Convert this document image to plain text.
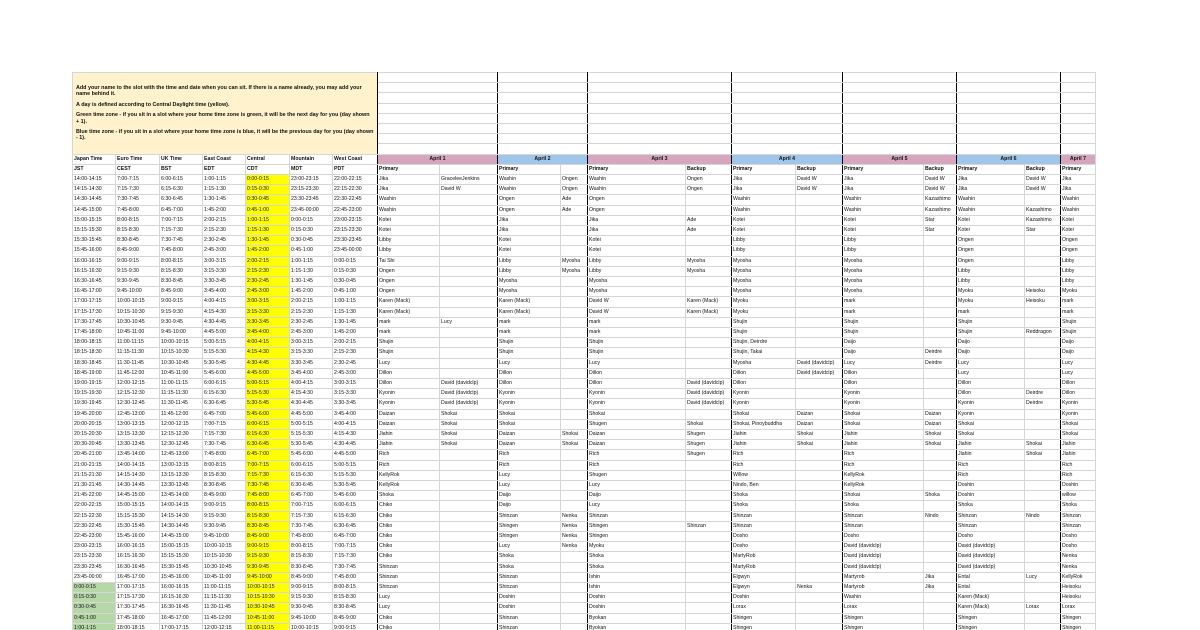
Add your name to the slot with the time and date when you can sit. If there is a name already, you may add your name behind it.

A day is defined according to Central Daylight time (yellow).

Green time zone - if you sit in a slot where your home time zone is green, it will be the next day for you (day shown + 1).

Blue time zone - if you sit in a slot where your home time zone is blue, it will be the previous day for you (day shown - 1).																			

Japan Time	Euro Time	UK Time	East Coast	Central	Mountain	West Coast	April 1		April 2		April 3		April 4		April 5		April 6		April 7

JST	CEST	BST	EDT	CDT	MDT	PDT	Primary		Primary		Primary	Backup	Primary	Backup	Primary	Backup	Primary	Backup	Primary
14:00-14:15	7:00-7:15	6:00-6:15	1:00-1:15	0:00-0:15	23:00-23:15	22:00-22:15	Jika	GraceleeJenkins	Washin	Ongen	Washin	Ongen	Jika	David W	Jika	David W	Jika	David W	Jika
14:15-14:30	7:15-7:30	6:15-6:30	1:15-1:30	0:15-0:30	23:15-23:30	22:15-22:30	Jika	David W	Washin	Ongen	Washin	Ongen	Jika	David W	Jika	David W	Jika	David W	Jika
14:30-14:45	7:30-7:45	6:30-6:45	1:30-1:45	0:30-0:45	23:30-23:45	22:30-22:45	Washin		Ongen	Ade	Ongen		Washin		Washin	Kazashimo	Washin		Washin
14:45-15:00	7:45-8:00	6:45-7:00	1:45-2:00	0:45-1:00	23:45-00:00	22:45-23:00	Washin		Ongen	Ade	Ongen		Washin		Washin	Kazashimo	Washin	Kazashimo	Washin
15:00-15:15	8:00-8:15	7:00-7:15	2:00-2:15	1:00-1:15	0:00-0:15	23:00-23:15	Kotei		Jika		Jika	Ade	Kotei		Kotei	Star	Kotei	Kazashimo	Kotei
15:15-15:30	8:15-8:30	7:15-7:30	2:15-2:30	1:15-1:30	0:15-0:30	23:15-23:30	Kotei		Jika		Jika	Ade	Kotei		Kotei	Star	Kotei	Star	Kotei
15:30-15:45	8:30-8:45	7:30-7:45	2:30-2:45	1:30-1:45	0:30-0:45	23:30-23:45	Libby		Kotei		Kotei		Libby		Libby		Ongen		Ongen
15:45-16:00	8:45-9:00	7:45-8:00	2:45-3:00	1:45-2:00	0:45-1:00	23:45-00:00	Libby		Kotei		Kotei		Libby		Libby		Ongen		Ongen
16:00-16:15	9:00-9:15	8:00-8:15	3:00-3:15	2:00-2:15	1:00-1:15	0:00-0:15	Tai Shi		Libby	Myosha	Libby	Myosha	Myosha		Myosha		Ongen		Libby
16:15-16:30	9:15-9:30	8:15-8:30	3:15-3:30	2:15-2:30	1:15-1:30	0:15-0:30	Ongen		Libby	Myosha	Libby	Myosha	Myosha		Myosha		Libby		Libby
16:30-16:45	9:30-9:45	8:30-8:45	3:30-3:45	2:30-2:45	1:30-1:45	0:30-0:45	Ongen		Myosha		Myosha		Myosha		Myosha		Libby		Libby
16:45-17:00	9:45-10:00	8:45-9:00	3:45-4:00	2:45-3:00	1:45-2:00	0:45-1:00	Ongen		Myosha		Myosha		Myosha		Myosha		Myoku	Heisoku	Myoku
17:00-17:15	10:00-10:15	9:00-9:15	4:00-4:15	3:00-3:15	2:00-2:15	1:00-1:15	Karen (Mack)		Karen (Mack)		David W	Karen (Mack)	Myoku		mark		Myoku	Heisoku	mark
17:15-17:30	10:15-10:30	9:15-9:30	4:15-4:30	3:15-3:30	2:15-2:30	1:15-1:30	Karen (Mack)		Karen (Mack)		David W	Karen (Mack)	Myoku		mark		mark		mark
17:30-17:45	10:30-10:45	9:30-9:45	4:30-4:45	3:30-3:45	2:30-2:45	1:30-1:45	mark	Lucy	mark		mark		Shujin		Shujin		Shujin		Shujin
17:45-18:00	10:45-11:00	9:45-10:00	4:45-5:00	3:45-4:00	2:45-3:00	1:45-2:00	mark		mark		mark		Shujin		Shujin		Shujin	Reddragon	Shujin
18:00-18:15	11:00-11:15	10:00-10:15	5:00-5:15	4:00-4:15	3:00-3:15	2:00-2:15	Shujin		Shujin		Shujin		Shujin, Deirdre		Daijo		Daijo		Daijo
18:15-18:30	11:15-11:30	10:15-10:30	5:15-5:30	4:15-4:30	3:15-3:30	2:15-2:30	Shujin		Shujin		Shujin		Shujin, Takai		Daijo	Deirdre	Daijo		Daijo
18:30-18:45	11:30-11:45	10:30-10:45	5:30-5:45	4:30-4:45	3:30-3:45	2:30-2:45	Lucy		Lucy		Lucy		Myosha	David (davidclp)	Lucy	Deirdre	Lucy		Lucy
18:45-19:00	11:45-12:00	10:45-11:00	5:45-6:00	4:45-5:00	3:45-4:00	2:45-3:00	Dillon		Dillon		Dillon		Dillon	David (davidclp)	Dillon		Lucy		Lucy
19:00-19:15	12:00-12:15	11:00-11:15	6:00-6:15	5:00-5:15	4:00-4:15	3:00-3:15	Dillon	David (davidclp)	Dillon		Dillon	David (davidclp)	Dillon		Dillon		Dillon		Dillon
19:15-19:30	12:15-12:30	11:15-11:30	6:15-6:30	5:15-5:30	4:15-4:30	3:15-3:30	Kyonin	David (davidclp)	Kyonin		Kyonin	David (davidclp)	Kyonin		Kyonin		Dillon	Deirdre	Dillon
19:30-19:45	12:30-12:45	11:30-11:45	6:30-6:45	5:30-5:45	4:30-4:45	3:30-3:45	Kyonin	David (davidclp)	Kyonin		Kyonin	David (davidclp)	Kyonin		Kyonin		Kyonin	Deirdre	Kyonin
19:45-20:00	12:45-13:00	11:45-12:00	6:45-7:00	5:45-6:00	4:45-5:00	3:45-4:00	Daizan	Shokai	Shokai		Shokai		Shokai	Daizan	Shokai	Daizan	Kyonin		Kyonin
20:00-20:15	13:00-13:15	12:00-12:15	7:00-7:15	6:00-6:15	5:00-5:15	4:00-4:15	Daizan	Shokai	Shokai		Shugen	Shokai	Shokai, Pinoybuddha	Daizan	Shokai	Daizan	Shokai		Shokai
20:15-20:30	13:15-13:30	12:15-12:30	7:15-7:30	6:15-6:30	5:15-5:30	4:15-4:30	Jiahin	Shokai	Daizan	Shokai	Daizan	Shugen	Jiahin	Shokai	Jiahin	Shokai	Shokai		Shokai
20:30-20:45	13:30-13:45	12:30-12:45	7:30-7:45	6:30-6:45	5:30-5:45	4:30-4:45	Jiahin	Shokai	Daizan	Shokai	Daizan	Shugen	Jiahin	Shokai	Jiahin	Shokai	Jiahin	Shokai	Jiahin
20:45-21:00	13:45-14:00	12:45-13:00	7:45-8:00	6:45-7:00	5:45-6:00	4:45-5:00	Rich		Rich		Rich	Shugen	Rich		Rich		Jiahin	Shokai	Jiahin
21:00-21:15	14:00-14:15	13:00-13:15	8:00-8:15	7:00-7:15	6:00-6:15	5:00-5:15	Rich		Rich		Rich		Rich		Rich		Rich		Rich
21:15-21:30	14:15-14:30	13:15-13:30	8:15-8:30	7:15-7:30	6:15-6:30	5:15-5:30	KellyRok		Lucy		Shugen		Willow		KellyRok		Rich		Rich
21:30-21:45	14:30-14:45	13:30-13:45	8:30-8:45	7:30-7:45	6:30-6:45	5:30-5:45	KellyRok		Lucy		Lucy		Nindo, Ben		KellyRok		Doshin		Doshin
21:45-22:00	14:45-15:00	13:45-14:00	8:45-9:00	7:45-8:00	6:45-7:00	5:45-6:00	Shoka		Daijo		Daijo		Shoka		Shokai	Shoka	Doshin		willow
22:00-22:15	15:00-15:15	14:00-14:15	9:00-9:15	8:00-8:15	7:00-7:15	6:00-6:15	Chiko		Daijo		Lucy		Shoka		Shoka		Shoka		Shoka
22:15-22:30	15:15-15:30	14:15-14:30	9:15-9:30	8:15-8:30	7:15-7:30	6:15-6:30	Chiko		Shinzan	Nenka	Shinzan		Shinzan		Shinzan	Nindo	Shinzan	Nindo	Shinzan
22:30-22:45	15:30-15:45	14:30-14:45	9:30-9:45	8:30-8:45	7:30-7:45	6:30-6:45	Chiko		Shingen	Nenka	Shingen	Shinzan	Shinzan		Shinzan		Shinzan		Shinzan
22:45-23:00	15:45-16:00	14:45-15:00	9:45-10:00	8:45-9:00	7:45-8:00	6:45-7:00	Chiko		Shingen	Nenka	Shingen		Dosho		Dosho		Dosho		Dosho
23:00-23:15	16:00-16:15	15:00-15:15	10:00-10:15	9:00-9:15	8:00-8:15	7:00-7:15	Chiko		Lucy	Nenka	Myoku		Dosho		David (davidclp)		David (davidclp)		Dosho
23:15-23:30	16:15-16:30	15:15-15:30	10:15-10:30	9:15-9:30	8:15-8:30	7:15-7:30	Chiko		Shoka		Shoka		MartyRob		David (davidclp)		David (davidclp)		Nenka
23:30-23:45	16:30-16:45	15:30-15:45	10:30-10:45	9:30-9:45	8:30-8:45	7:30-7:45	Shinzan		Shoka		Shoka		MartyRob		David (davidclp)		David (davidclp)		Nenka
23:45-00:00	16:45-17:00	15:45-16:00	10:45-11:00	9:45-10:00	8:45-9:00	7:45-8:00	Shinzan		Shinzan		Ishin		Elgwyn		Martyrob	Jika	Ental	Lucy	KellyRok
0:00-0:15	17:00-17:15	16:00-16:15	11:00-11:15	10:00-10:15	9:00-9:15	8:00-8:15	Shinzan		Shinzan		Ishin		Elgwyn	Nenka	Martyrob	Jika	Ental		Heisoku
0:15-0:30	17:15-17:30	16:15-16:30	11:15-11:30	10:15-10:30	9:15-9:30	8:15-8:30	Lucy		Doshin		Doshin		Doshin		Washin		Karen (Mack)		Heisoku
0:30-0:45	17:30-17:45	16:30-16:45	11:30-11:45	10:30-10:45	9:30-9:45	8:30-8:45	Lucy		Doshin		Doshin		Lorax		Lorax		Karen (Mack)	Lorax	Lorax
0:45-1:00	17:45-18:00	16:45-17:00	11:45-12:00	10:45-11:00	9:45-10:00	8:45-9:00	Chiko		Shinzan		Byokan		Shingen		Shingen		Shingen		Shingen
1:00-1:15	18:00-18:15	17:00-17:15	12:00-12:15	11:00-11:15	10:00-10:15	9:00-9:15	Chiko		Shinzan		Byokan		Shingen		Shingen		Shingen		Shingen
